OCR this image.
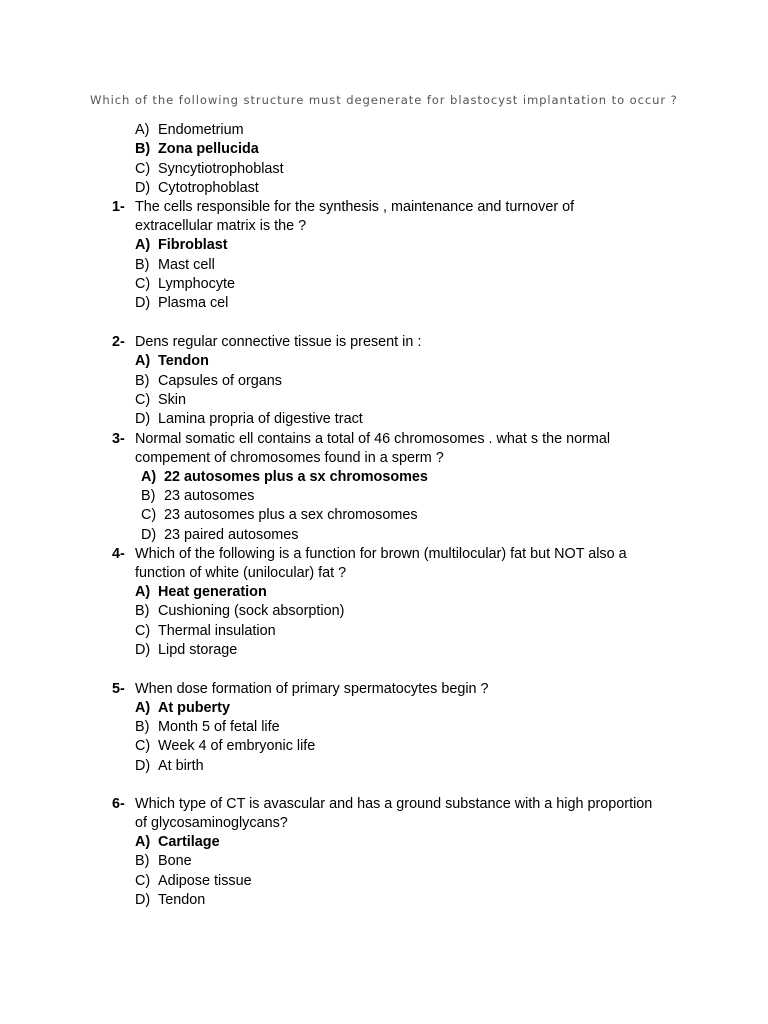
Which of the following structure must degenerate for blastocyst implantation to occur ?
A) Endometrium
B) Zona pellucida
C) Syncytiotrophoblast
D) Cytotrophoblast
1- The cells responsible for the synthesis , maintenance and turnover of
extracellular matrix is the ?
A) Fibroblast
B) Mast cell
C) Lymphocyte
D) Plasma cel
2- Dens regular connective tissue is present in :
A) Tendon
B) Capsules of organs
C) Skin
D) Lamina propria of digestive tract
3- Normal somatic ell contains a total of 46 chromosomes . what s the normal
compement of chromosomes found in a sperm ?
A) 22 autosomes plus a sx chromosomes
B) 23 autosomes
C) 23 autosomes plus a sex chromosomes
D) 23 paired autosomes
4- Which of the following is a function for brown (multilocular) fat but NOT also a
function of white (unilocular) fat ?
A) Heat generation
B) Cushioning (sock absorption)
C) Thermal insulation
D) Lipd storage
5- When dose formation of primary spermatocytes begin ?
A) At puberty
B) Month 5 of fetal life
C) Week 4 of embryonic life
D) At birth
6- Which type of CT is avascular and has a ground substance with a high proportion
of glycosaminoglycans?
A) Cartilage
B) Bone
C) Adipose tissue
D) Tendon
